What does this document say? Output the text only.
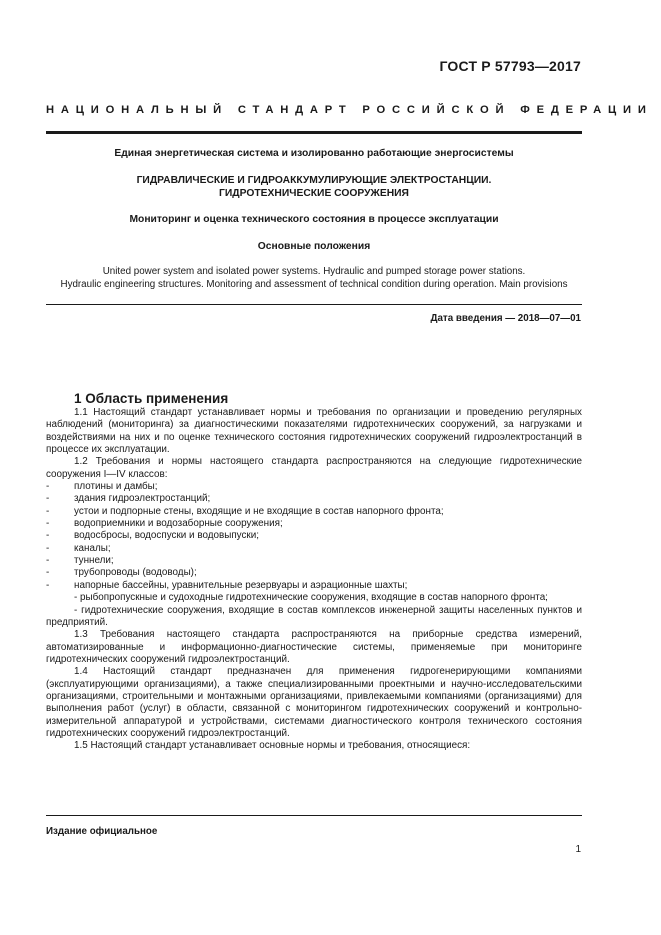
ГОСТ Р 57793—2017
НАЦИОНАЛЬНЫЙ СТАНДАРТ РОССИЙСКОЙ ФЕДЕРАЦИИ
Единая энергетическая система и изолированно работающие энергосистемы
ГИДРАВЛИЧЕСКИЕ И ГИДРОАККУМУЛИРУЮЩИЕ ЭЛЕКТРОСТАНЦИИ.
ГИДРОТЕХНИЧЕСКИЕ СООРУЖЕНИЯ
Мониторинг и оценка технического состояния в процессе эксплуатации
Основные положения
United power system and isolated power systems. Hydraulic and pumped storage power stations.
Hydraulic engineering structures. Monitoring and assessment of technical condition during operation. Main provisions
Дата введения — 2018—07—01
1 Область применения

1.1 Настоящий стандарт устанавливает нормы и требования по организации и проведению регулярных наблюдений (мониторинга) за диагностическими показателями гидротехнических сооружений, за нагрузками и воздействиями на них и по оценке технического состояния гидротехнических сооружений гидроэлектростанций в процессе их эксплуатации.

1.2 Требования и нормы настоящего стандарта распространяются на следующие гидротехнические сооружения I—IV классов:

- плотины и дамбы;
- здания гидроэлектростанций;
- устои и подпорные стены, входящие и не входящие в состав напорного фронта;
- водоприемники и водозаборные сооружения;
- водосбросы, водоспуски и водовыпуски;
- каналы;
- туннели;
- трубопроводы (водоводы);
- напорные бассейны, уравнительные резервуары и аэрационные шахты;
- рыбопропускные и судоходные гидротехнические сооружения, входящие в состав напорного фронта;
- гидротехнические сооружения, входящие в состав комплексов инженерной защиты населенных пунктов и предприятий.

1.3 Требования настоящего стандарта распространяются на приборные средства измерений, автоматизированные и информационно-диагностические системы, применяемые при мониторинге гидротехнических сооружений гидроэлектростанций.

1.4 Настоящий стандарт предназначен для применения гидрогенерирующими компаниями (эксплуатирующими организациями), а также специализированными проектными и научно-исследовательскими организациями, строительными и монтажными организациями, привлекаемыми компаниями (организациями) для выполнения работ (услуг) в области, связанной с мониторингом гидротехнических сооружений и контрольно-измерительной аппаратурой и устройствами, системами диагностического контроля технического состояния гидротехнических сооружений гидроэлектростанций.

1.5 Настоящий стандарт устанавливает основные нормы и требования, относящиеся:

Издание официальное
1
